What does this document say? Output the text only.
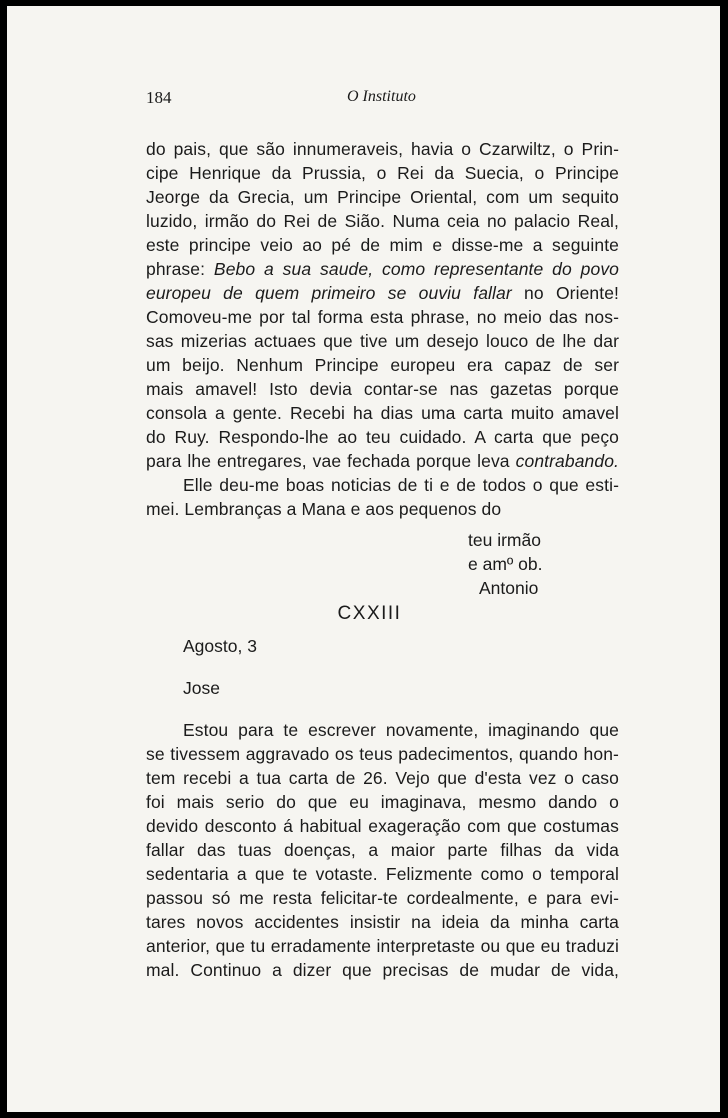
184	O Instituto
do pais, que são innumeraveis, havia o Czarwiltz, o Prin-
cipe Henrique da Prussia, o Rei da Suecia, o Principe
Jeorge da Grecia, um Principe Oriental, com um sequito
luzido, irmão do Rei de Sião. Numa ceia no palacio Real,
este principe veio ao pé de mim e disse-me a seguinte
phrase: Bebo a sua saude, como representante do povo
europeu de quem primeiro se ouviu fallar no Oriente!
Comoveu-me por tal forma esta phrase, no meio das nos-
sas mizerias actuaes que tive um desejo louco de lhe dar
um beijo. Nenhum Principe europeu era capaz de ser
mais amavel! Isto devia contar-se nas gazetas porque
consola a gente. Recebi ha dias uma carta muito amavel
do Ruy. Respondo-lhe ao teu cuidado. A carta que peço
para lhe entregares, vae fechada porque leva contrabando.
Elle deu-me boas noticias de ti e de todos o que esti-
mei. Lembranças a Mana e aos pequenos do
teu irmão
e amº ob.
Antonio
CXXIII
Agosto, 3
Jose
Estou para te escrever novamente, imaginando que
se tivessem aggravado os teus padecimentos, quando hon-
tem recebi a tua carta de 26. Vejo que d'esta vez o caso
foi mais serio do que eu imaginava, mesmo dando o
devido desconto á habitual exageração com que costumas
fallar das tuas doenças, a maior parte filhas da vida
sedentaria a que te votaste. Felizmente como o temporal
passou só me resta felicitar-te cordealmente, e para evi-
tares novos accidentes insistir na ideia da minha carta
anterior, que tu erradamente interpretaste ou que eu traduzi
mal. Continuo a dizer que precisas de mudar de vida,
